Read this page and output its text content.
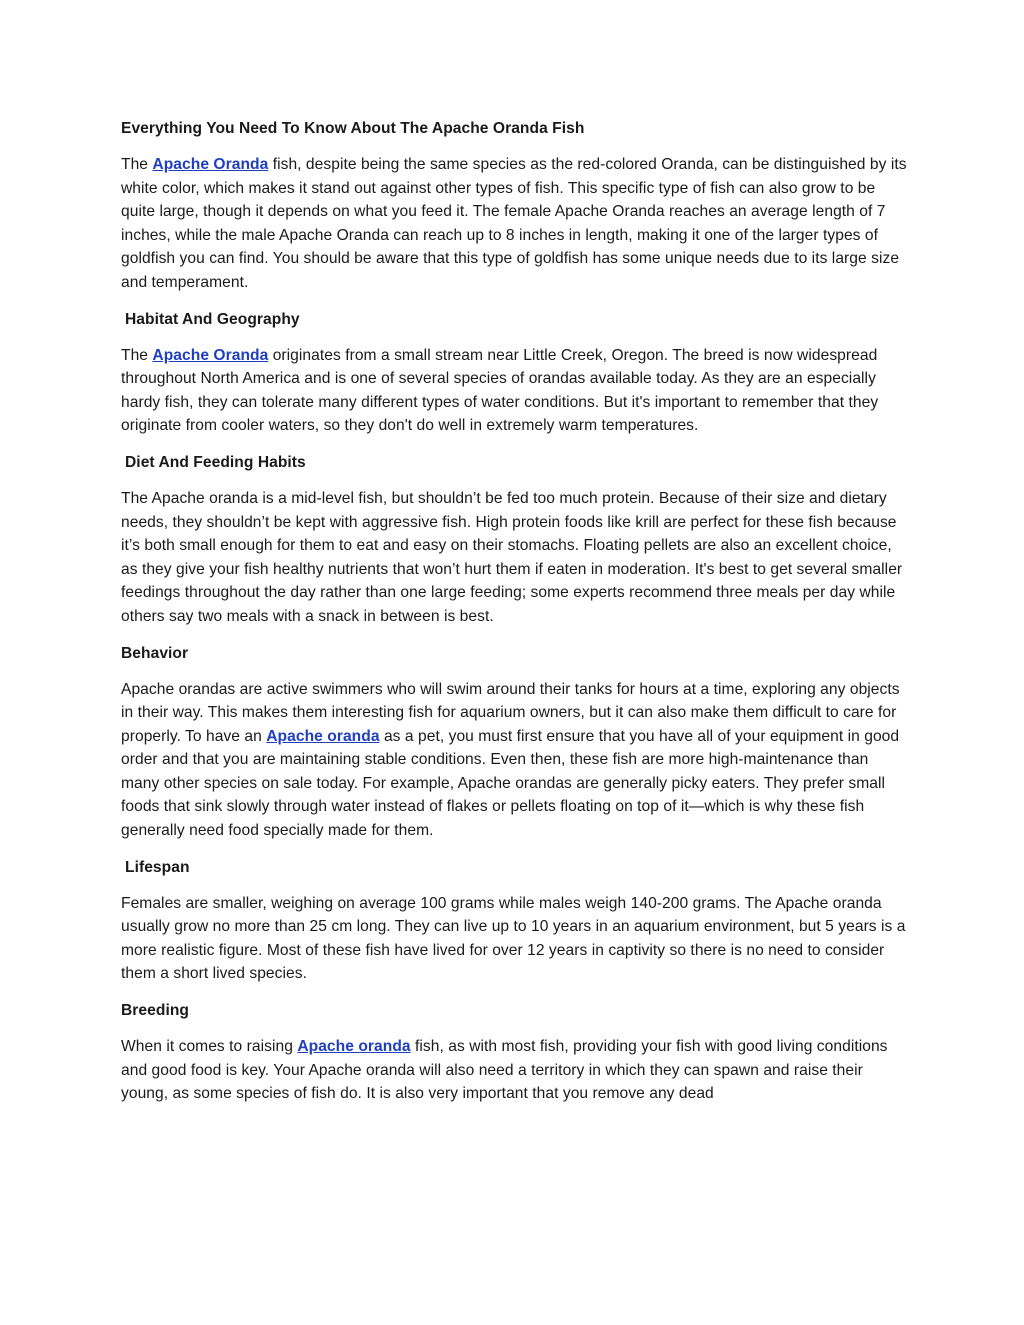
Everything You Need To Know About The Apache Oranda Fish

The Apache Oranda fish, despite being the same species as the red-colored Oranda, can be distinguished by its white color, which makes it stand out against other types of fish. This specific type of fish can also grow to be quite large, though it depends on what you feed it. The female Apache Oranda reaches an average length of 7 inches, while the male Apache Oranda can reach up to 8 inches in length, making it one of the larger types of goldfish you can find. You should be aware that this type of goldfish has some unique needs due to its large size and temperament.

Habitat And Geography

The Apache Oranda originates from a small stream near Little Creek, Oregon. The breed is now widespread throughout North America and is one of several species of orandas available today. As they are an especially hardy fish, they can tolerate many different types of water conditions. But it's important to remember that they originate from cooler waters, so they don't do well in extremely warm temperatures.

Diet And Feeding Habits

The Apache oranda is a mid-level fish, but shouldn’t be fed too much protein. Because of their size and dietary needs, they shouldn’t be kept with aggressive fish. High protein foods like krill are perfect for these fish because it’s both small enough for them to eat and easy on their stomachs. Floating pellets are also an excellent choice, as they give your fish healthy nutrients that won’t hurt them if eaten in moderation. It's best to get several smaller feedings throughout the day rather than one large feeding; some experts recommend three meals per day while others say two meals with a snack in between is best.

Behavior

Apache orandas are active swimmers who will swim around their tanks for hours at a time, exploring any objects in their way. This makes them interesting fish for aquarium owners, but it can also make them difficult to care for properly. To have an Apache oranda as a pet, you must first ensure that you have all of your equipment in good order and that you are maintaining stable conditions. Even then, these fish are more high-maintenance than many other species on sale today. For example, Apache orandas are generally picky eaters. They prefer small foods that sink slowly through water instead of flakes or pellets floating on top of it—which is why these fish generally need food specially made for them.

Lifespan

Females are smaller, weighing on average 100 grams while males weigh 140-200 grams. The Apache oranda usually grow no more than 25 cm long. They can live up to 10 years in an aquarium environment, but 5 years is a more realistic figure. Most of these fish have lived for over 12 years in captivity so there is no need to consider them a short lived species.

Breeding

When it comes to raising Apache oranda fish, as with most fish, providing your fish with good living conditions and good food is key. Your Apache oranda will also need a territory in which they can spawn and raise their young, as some species of fish do. It is also very important that you remove any dead
